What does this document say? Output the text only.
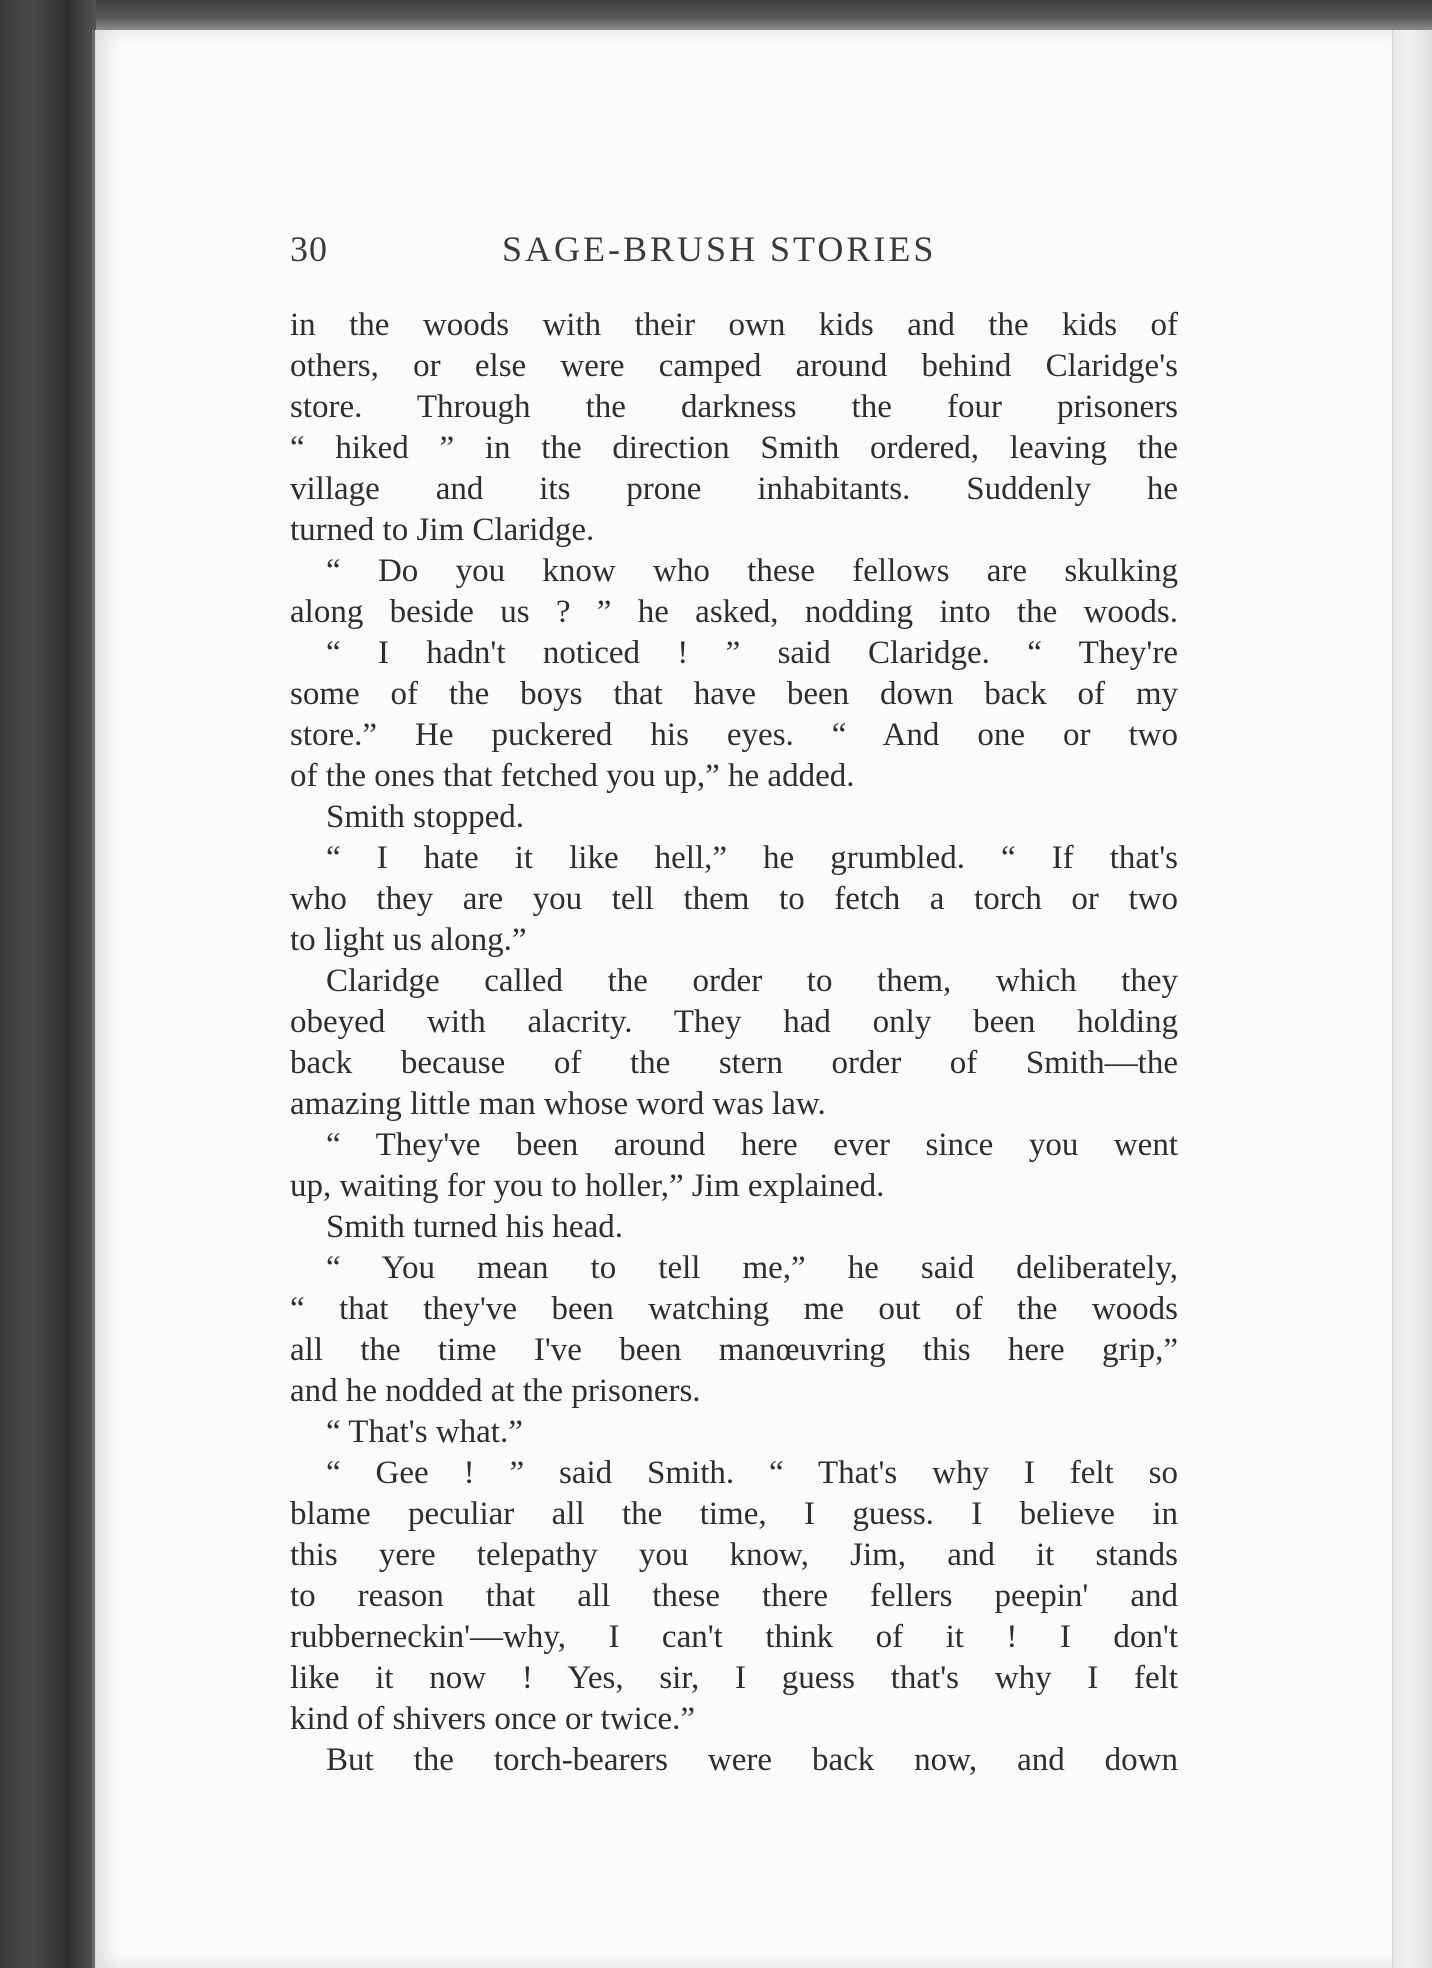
30	SAGE-BRUSH STORIES
in the woods with their own kids and the kids of
others, or else were camped around behind Claridge's
store. Through the darkness the four prisoners
“ hiked ” in the direction Smith ordered, leaving the
village and its prone inhabitants. Suddenly he
turned to Jim Claridge.
“ Do you know who these fellows are skulking
along beside us ? ” he asked, nodding into the woods.
“ I hadn't noticed ! ” said Claridge. “ They're
some of the boys that have been down back of my
store.” He puckered his eyes. “ And one or two
of the ones that fetched you up,” he added.
Smith stopped.
“ I hate it like hell,” he grumbled. “ If that's
who they are you tell them to fetch a torch or two
to light us along.”
Claridge called the order to them, which they
obeyed with alacrity. They had only been holding
back because of the stern order of Smith—the
amazing little man whose word was law.
“ They've been around here ever since you went
up, waiting for you to holler,” Jim explained.
Smith turned his head.
“ You mean to tell me,” he said deliberately,
“ that they've been watching me out of the woods
all the time I've been manœuvring this here grip,”
and he nodded at the prisoners.
“ That's what.”
“ Gee ! ” said Smith. “ That's why I felt so
blame peculiar all the time, I guess. I believe in
this yere telepathy you know, Jim, and it stands
to reason that all these there fellers peepin' and
rubberneckin'—why, I can't think of it ! I don't
like it now ! Yes, sir, I guess that's why I felt
kind of shivers once or twice.”
But the torch-bearers were back now, and down
